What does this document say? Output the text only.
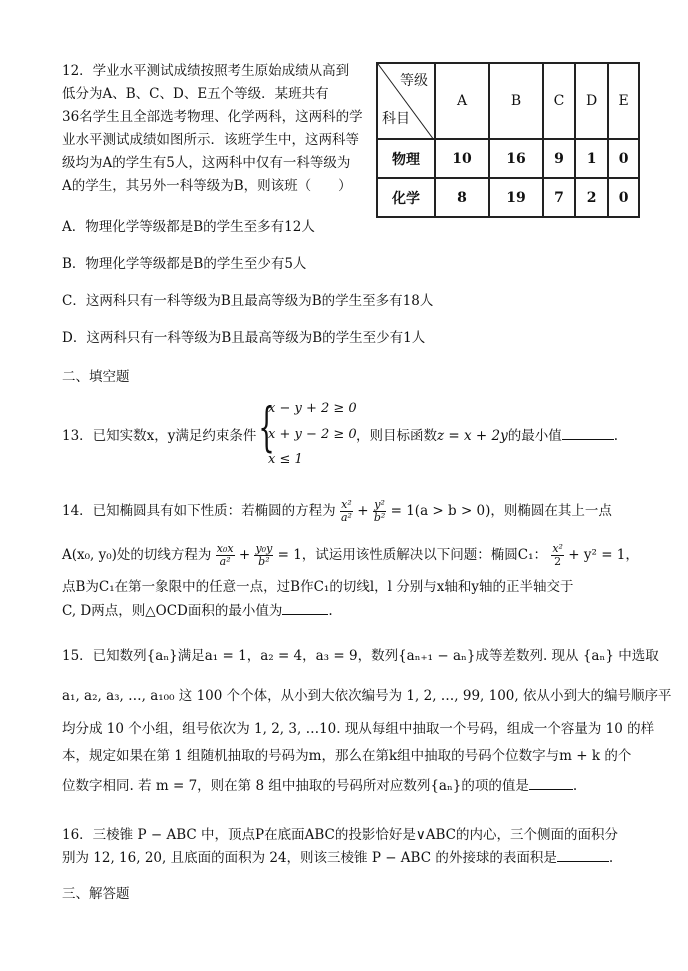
12．学业水平测试成绩按照考生原始成绩从高到
低分为A、B、C、D、E五个等级．某班共有
36名学生且全部选考物理、化学两科，这两科的学
业水平测试成绩如图所示．该班学生中，这两科等
级均为A的学生有5人，这两科中仅有一科等级为
A的学生，其另外一科等级为B，则该班（　　）
等级
科目	A	B	C	D	E
物理	10	16	9	1	0
化学	8	19	7	2	0
A．物理化学等级都是B的学生至多有12人
B．物理化学等级都是B的学生至少有5人
C．这两科只有一科等级为B且最高等级为B的学生至多有18人
D．这两科只有一科等级为B且最高等级为B的学生至少有1人
二、填空题
13．已知实数x，y满足约束条件 {
x − y + 2 ≥ 0
x + y − 2 ≥ 0
x ≤ 1
，则目标函数z = x + 2y的最小值	.
14．已知椭圆具有如下性质：若椭圆的方程为 $\frac{\text{x²}}{\text{a²}} + \frac{\text{y²}}{\text{b²}} = 1(a > b > 0)$，则椭圆在其上一点
A(x₀, y₀)处的切线方程为 $\frac{\text{x₀x}}{\text{a²}} + \frac{\text{y₀y}}{\text{b²}} = 1$，试运用该性质解决以下问题：椭圆C₁： $\frac{\text{x²}}{2} + y^2 = 1$，
点B为C₁在第一象限中的任意一点，过B作C₁的切线l，l 分别与x轴和y轴的正半轴交于
C, D两点，则△OCD面积的最小值为	.
15．已知数列{aₙ}满足a₁ = 1，a₂ = 4，a₃ = 9，数列{aₙ₊₁ − aₙ}成等差数列. 现从 {aₙ} 中选取
a₁, a₂, a₃, …, a₁₀₀ 这 100 个个体，从小到大依次编号为 1, 2, …, 99, 100, 依从小到大的编号顺序平
均分成 10 个小组，组号依次为 1, 2, 3, …10. 现从每组中抽取一个号码，组成一个容量为 10 的样
本，规定如果在第 1 组随机抽取的号码为m，那么在第k组中抽取的号码个位数字与m + k 的个
位数字相同. 若 m = 7，则在第 8 组中抽取的号码所对应数列{aₙ}的项的值是	.
16．三棱锥 P − ABC 中，顶点P在底面ABC的投影恰好是∨ABC的内心，三个侧面的面积分
别为 12, 16, 20, 且底面的面积为 24，则该三棱锥 P − ABC 的外接球的表面积是	.
三、解答题
